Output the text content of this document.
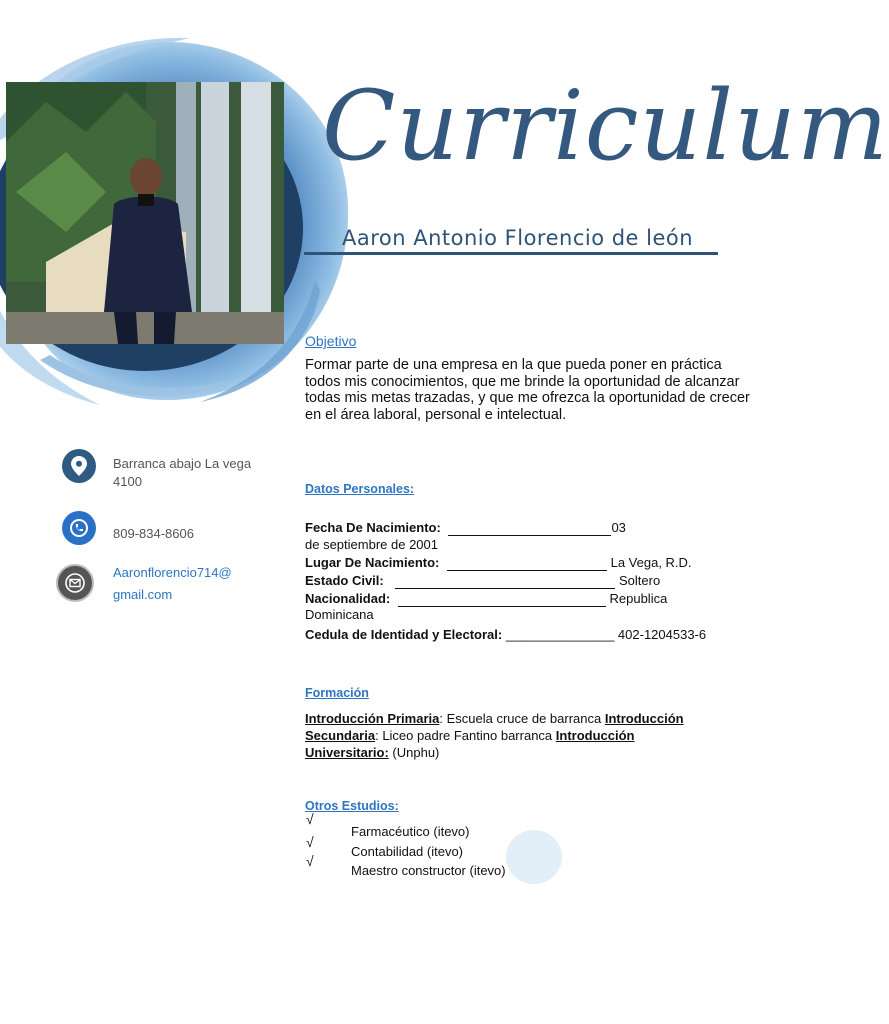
Curriculum
Aaron Antonio Florencio de león
Objetivo
Formar parte de una empresa en la que pueda poner en práctica todos mis conocimientos, que me brinde la oportunidad de alcanzar todas mis metas trazadas, y que me ofrezca la oportunidad de crecer en el área laboral, personal e intelectual.
Barranca abajo La vega 4100
809-834-8606
Aaronflorencio714@
gmail.com
Datos Personales:
Fecha De Nacimiento:	03
de septiembre de 2001
Lugar De Nacimiento:	La Vega, R.D.
Estado Civil:	Soltero
Nacionalidad:	Republica
Dominicana
Cedula de Identidad y Electoral: _______________ 402-1204533-6
Formación
Introducción Primaria: Escuela cruce de barranca Introducción Secundaria: Liceo padre Fantino barranca Introducción Universitario: (Unphu)
Otros Estudios:
√
√
√
Farmacéutico (itevo)
Contabilidad (itevo)
Maestro constructor (itevo)
